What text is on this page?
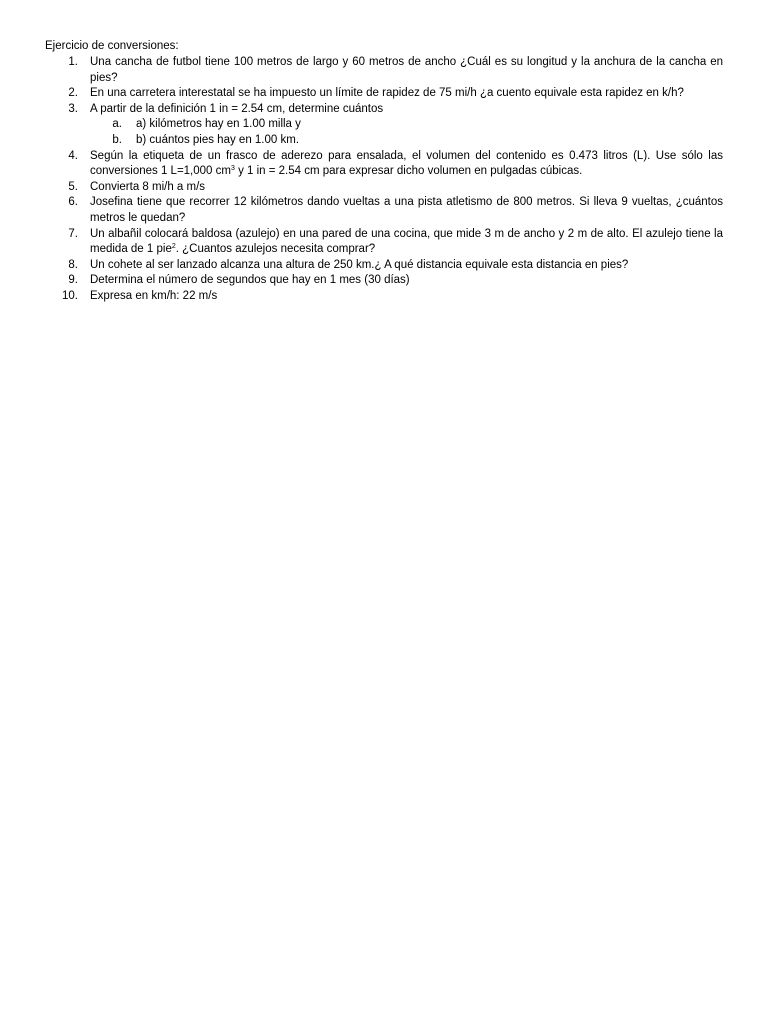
Ejercicio de conversiones:
1. Una cancha de futbol tiene 100 metros de largo y 60 metros de ancho ¿Cuál es su longitud y la anchura de la cancha en pies?
2. En una carretera interestatal se ha impuesto un límite de rapidez de 75 mi/h ¿a cuento equivale esta rapidez en k/h?
3. A partir de la definición 1 in = 2.54 cm, determine cuántos
a. a) kilómetros hay en 1.00 milla y
b. b) cuántos pies hay en 1.00 km.
4. Según la etiqueta de un frasco de aderezo para ensalada, el volumen del contenido es 0.473 litros (L). Use sólo las conversiones 1 L=1,000 $cm^3$ y 1 in = 2.54 cm para expresar dicho volumen en pulgadas cúbicas.
5. Convierta 8 mi/h a m/s
6. Josefina tiene que recorrer 12 kilómetros dando vueltas a una pista atletismo de 800 metros. Si lleva 9 vueltas, ¿cuántos metros le quedan?
7. Un albañil colocará baldosa (azulejo) en una pared de una cocina, que mide 3 m de ancho y 2 m de alto. El azulejo tiene la medida de 1 pie$^2$. ¿Cuantos azulejos necesita comprar?
8. Un cohete al ser lanzado alcanza una altura de 250 km.¿ A qué distancia equivale esta distancia en pies?
9. Determina el número de segundos que hay en 1 mes (30 días)
10. Expresa en km/h: 22 m/s
